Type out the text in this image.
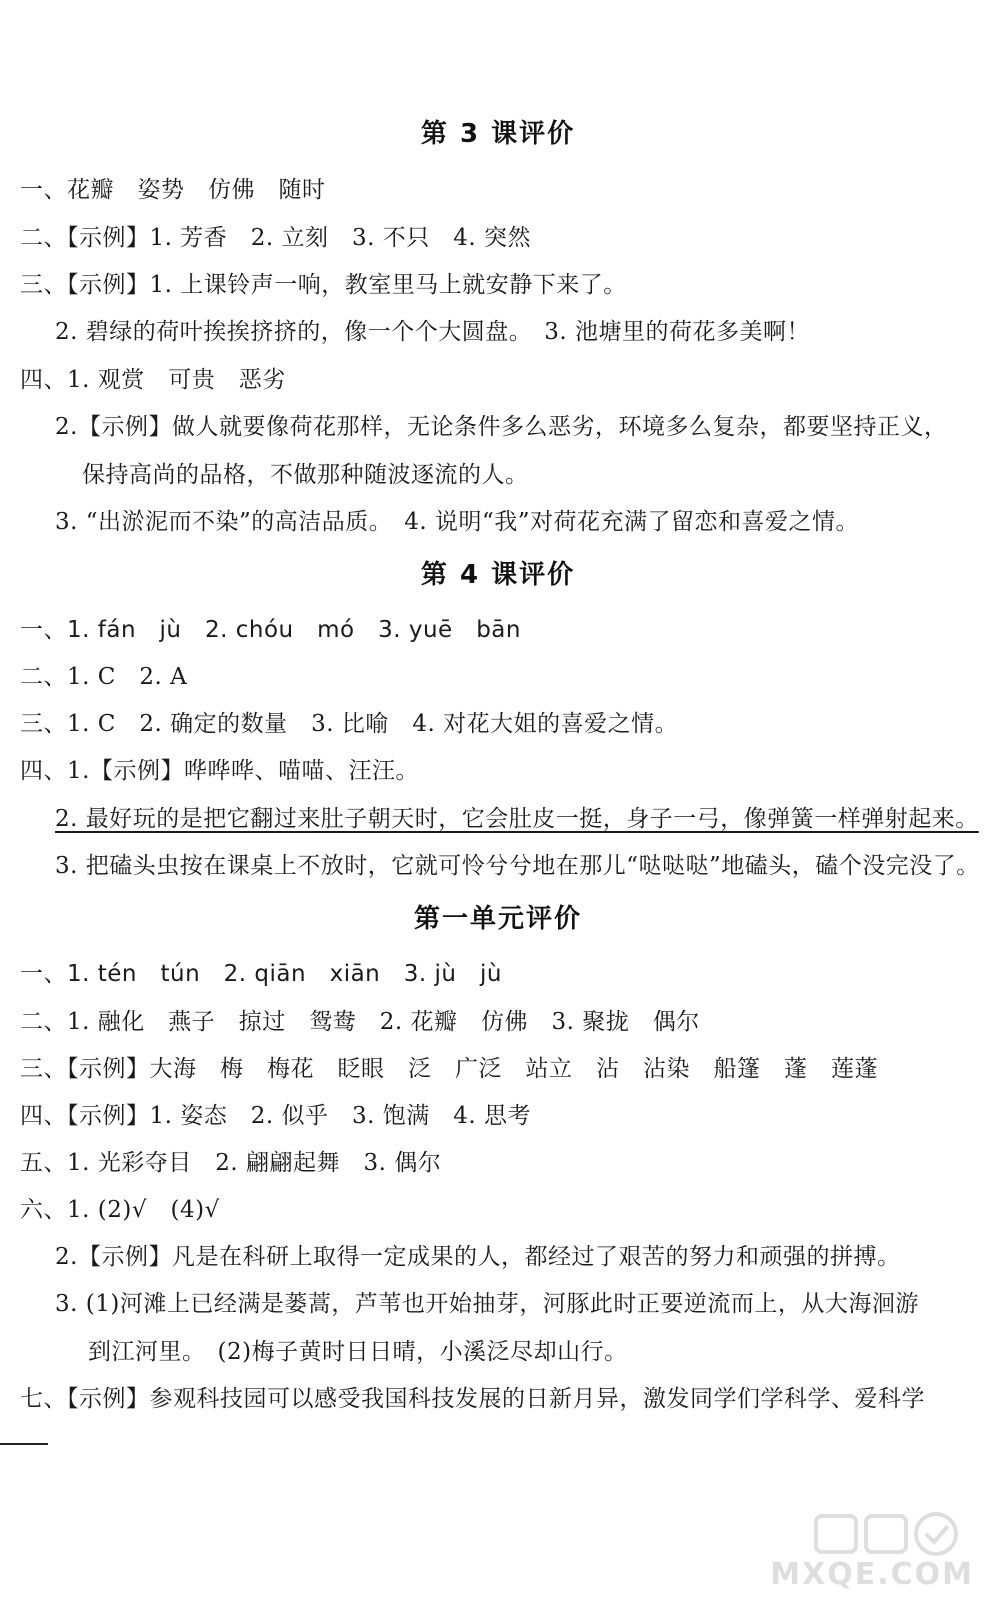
第 3 课评价
一、花瓣　姿势　仿佛　随时
二、【示例】1. 芳香　2. 立刻　3. 不只　4. 突然
三、【示例】1. 上课铃声一响，教室里马上就安静下来了。
2. 碧绿的荷叶挨挨挤挤的，像一个个大圆盘。　3. 池塘里的荷花多美啊！
四、1. 观赏　可贵　恶劣
2.【示例】做人就要像荷花那样，无论条件多么恶劣，环境多么复杂，都要坚持正义，
保持高尚的品格，不做那种随波逐流的人。
3. “出淤泥而不染”的高洁品质。　4. 说明“我”对荷花充满了留恋和喜爱之情。
第 4 课评价
一、1. fán　jù　2. chóu　mó　3. yuē　bān
二、1. C　2. A
三、1. C　2. 确定的数量　3. 比喻　4. 对花大姐的喜爱之情。
四、1.【示例】哗哗哗、喵喵、汪汪。
2. 最好玩的是把它翻过来肚子朝天时，它会肚皮一挺，身子一弓，像弹簧一样弹射起来。
3. 把磕头虫按在课桌上不放时，它就可怜兮兮地在那儿“哒哒哒”地磕头，磕个没完没了。
第一单元评价
一、1. tén　tún　2. qiān　xiān　3. jù　jù
二、1. 融化　燕子　掠过　鸳鸯　2. 花瓣　仿佛　3. 聚拢　偶尔
三、【示例】大海　梅　梅花　眨眼　泛　广泛　站立　沾　沾染　船篷　蓬　莲蓬
四、【示例】1. 姿态　2. 似乎　3. 饱满　4. 思考
五、1. 光彩夺目　2. 翩翩起舞　3. 偶尔
六、1. (2)√　(4)√
2.【示例】凡是在科研上取得一定成果的人，都经过了艰苦的努力和顽强的拼搏。
3. (1)河滩上已经满是蒌蒿，芦苇也开始抽芽，河豚此时正要逆流而上，从大海洄游
到江河里。　(2)梅子黄时日日晴，小溪泛尽却山行。
七、【示例】参观科技园可以感受我国科技发展的日新月异，激发同学们学科学、爱科学
MXQE.COM
